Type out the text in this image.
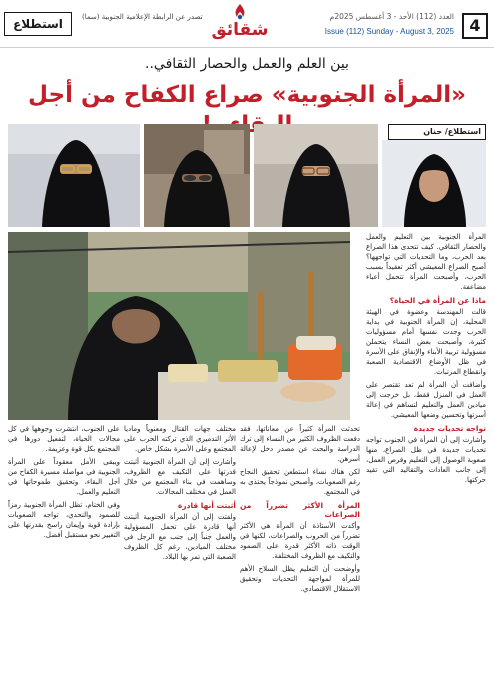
4
العدد (112) الأحد - 3 أغسطس 2025م
Issue (112) Sunday - August 3, 2025
شقائق
تصدر عن الرابطة الإعلامية الجنوبية (سما)
استطلاع
بين العلم والعمل والحصار الثقافي..
«المرأة الجنوبية» صراع الكفاح من أجل
استطلاع/ حنان

المرأة الجنوبية بين التعليم والعمل والحصار الثقافي. كيف تتحدى هذا الصراع بعد الحرب، وما التحديات التي تواجهها؟ أصبح الصراع المعيشي أكثر تعقيداً بسبب الحرب، وأصبحت المرأة تتحمل أعباء مضاعفة.

ماذا عن المرأة في الحياة؟

قالت المهندسة وعضوة في الهيئة المحلية، إن المرأة الجنوبية في بداية الحرب وجدت نفسها أمام مسؤوليات كثيرة، وأصبحت بعض النساء يتحملن مسؤولية تربية الأبناء والإنفاق على الأسرة في ظل الأوضاع الاقتصادية الصعبة وانقطاع المرتبات.

وأضافت أن المرأة لم تعد تقتصر على العمل في المنزل فقط، بل خرجت إلى ميادين العمل والتعليم لتساهم في إعالة أسرتها وتحسين وضعها المعيشي.

تواجه تحديات جديدة

وأشارت إلى أن المرأة في الجنوب تواجه تحديات جديدة في ظل الصراع، منها صعوبة الوصول إلى التعليم وفرص العمل، إلى جانب العادات والتقاليد التي تقيد حركتها.

تحدثت المرأة كثيراً عن معاناتها، فقد دفعت الظروف الكثير من النساء إلى ترك الدراسة والبحث عن مصدر دخل لإعالة أسرهن.

لكن هناك نساء استطعن تحقيق النجاح رغم الصعوبات، وأصبحن نموذجاً يحتذى به في المجتمع.

المرأة الأكثر تضرراً من الصراعات

وأكدت الأستاذة أن المرأة هي الأكثر تضرراً من الحروب والصراعات، لكنها في الوقت ذاته الأكثر قدرة على الصمود والتكيف مع الظروف المختلفة.

وأوضحت أن التعليم يظل السلاح الأهم للمرأة لمواجهة التحديات وتحقيق الاستقلال الاقتصادي.

مختلف جهات القتال ومعنوياً وماديا الأثر التدميري الذي تركته الحرب على المجتمع وعلى الأسرة بشكل خاص.

وأشارت إلى أن المرأة الجنوبية أثبتت قدرتها على التكيف مع الظروف، وساهمت في بناء المجتمع من خلال العمل في مختلف المجالات.

أثبتت أنها قادرة

ولفتت إلى أن المرأة الجنوبية أثبتت أنها قادرة على تحمل المسؤولية والعمل جنباً إلى جنب مع الرجل في مختلف الميادين، رغم كل الظروف الصعبة التي تمر بها البلاد.

على الجنوب، انتشرت وجوهها في كل مجالات الحياة، لتفعيل دورها في المجتمع بكل قوة وعزيمة.

ويبقى الأمل معقوداً على المرأة الجنوبية في مواصلة مسيرة الكفاح من أجل البقاء، وتحقيق طموحاتها في التعليم والعمل.

وفي الختام، تظل المرأة الجنوبية رمزاً للصمود والتحدي، تواجه الصعوبات بإرادة قوية وإيمان راسخ بقدرتها على التغيير نحو مستقبل أفضل.
